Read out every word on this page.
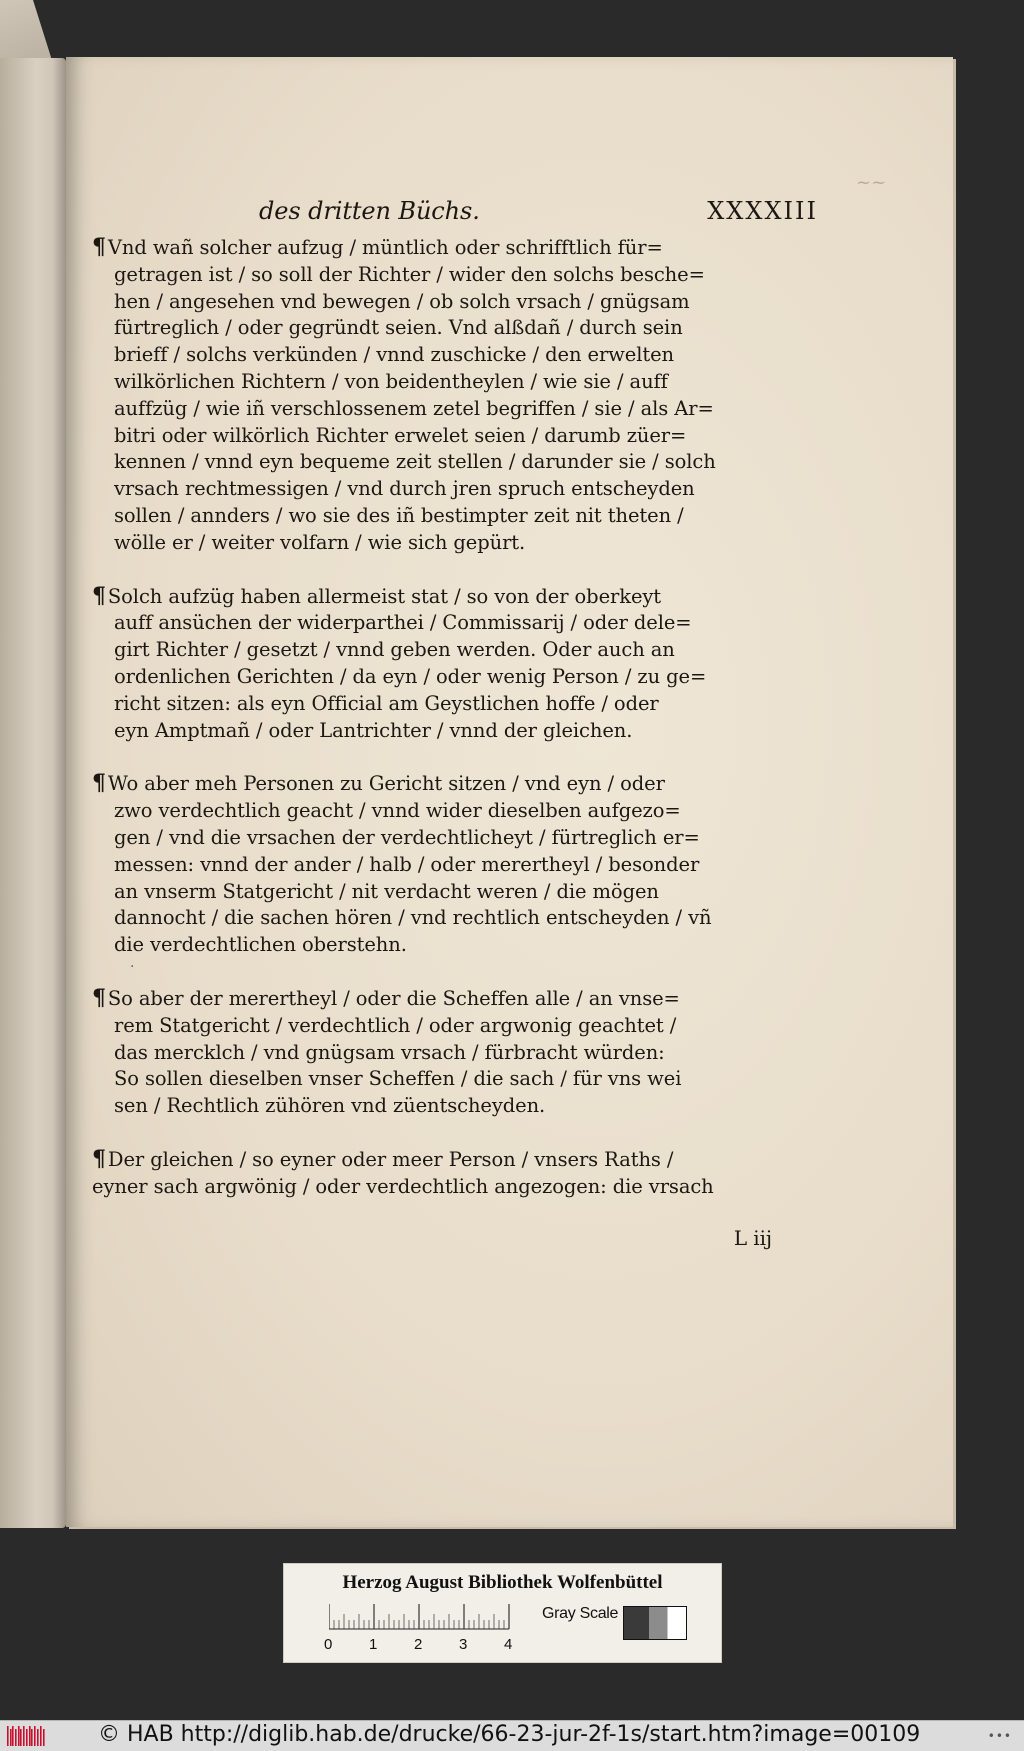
~~
·
des dritten Büchs.	XXXXIII
¶ Vnd wañ solcher aufzug / müntlich oder schrifftlich für=
getragen ist / so soll der Richter / wider den solchs besche=
hen / angesehen vnd bewegen / ob solch vrsach / gnügsam
fürtreglich / oder gegründt seien. Vnd alßdañ / durch sein
brieff / solchs verkünden / vnnd zuschicke / den erwelten
wilkörlichen Richtern / von beidentheylen / wie sie / auff
auffzüg / wie iñ verschlossenem zetel begriffen / sie / als Ar=
bitri oder wilkörlich Richter erwelet seien / darumb züer=
kennen / vnnd eyn bequeme zeit stellen / darunder sie / solch
vrsach rechtmessigen / vnd durch jren spruch entscheyden
sollen / annders / wo sie des iñ bestimpter zeit nit theten /
wölle er / weiter volfarn / wie sich gepürt.
¶ Solch aufzüg haben allermeist stat / so von der oberkeyt
auff ansüchen der widerparthei / Commissarij / oder dele=
girt Richter / gesetzt / vnnd geben werden. Oder auch an
ordenlichen Gerichten / da eyn / oder wenig Person / zu ge=
richt sitzen: als eyn Official am Geystlichen hoffe / oder
eyn Amptmañ / oder Lantrichter / vnnd der gleichen.
¶ Wo aber meh Personen zu Gericht sitzen / vnd eyn / oder
zwo verdechtlich geacht / vnnd wider dieselben aufgezo=
gen / vnd die vrsachen der verdechtlicheyt / fürtreglich er=
messen: vnnd der ander / halb / oder merertheyl / besonder
an vnserm Statgericht / nit verdacht weren / die mögen
dannocht / die sachen hören / vnd rechtlich entscheyden / vñ
die verdechtlichen oberstehn.
¶ So aber der merertheyl / oder die Scheffen alle / an vnse=
rem Statgericht / verdechtlich / oder argwonig geachtet /
das mercklch / vnd gnügsam vrsach / fürbracht würden:
So sollen dieselben vnser Scheffen / die sach / für vns wei
sen / Rechtlich zühören vnd züentscheyden.
¶ Der gleichen / so eyner oder meer Person / vnsers Raths /
eyner sach argwönig / oder verdechtlich angezogen: die vrsach
L iij
Herzog August Bibliothek Wolfenbüttel
0 1 2 3 4
Gray Scale
© HAB http://diglib.hab.de/drucke/66-23-jur-2f-1s/start.htm?image=00109	•••
